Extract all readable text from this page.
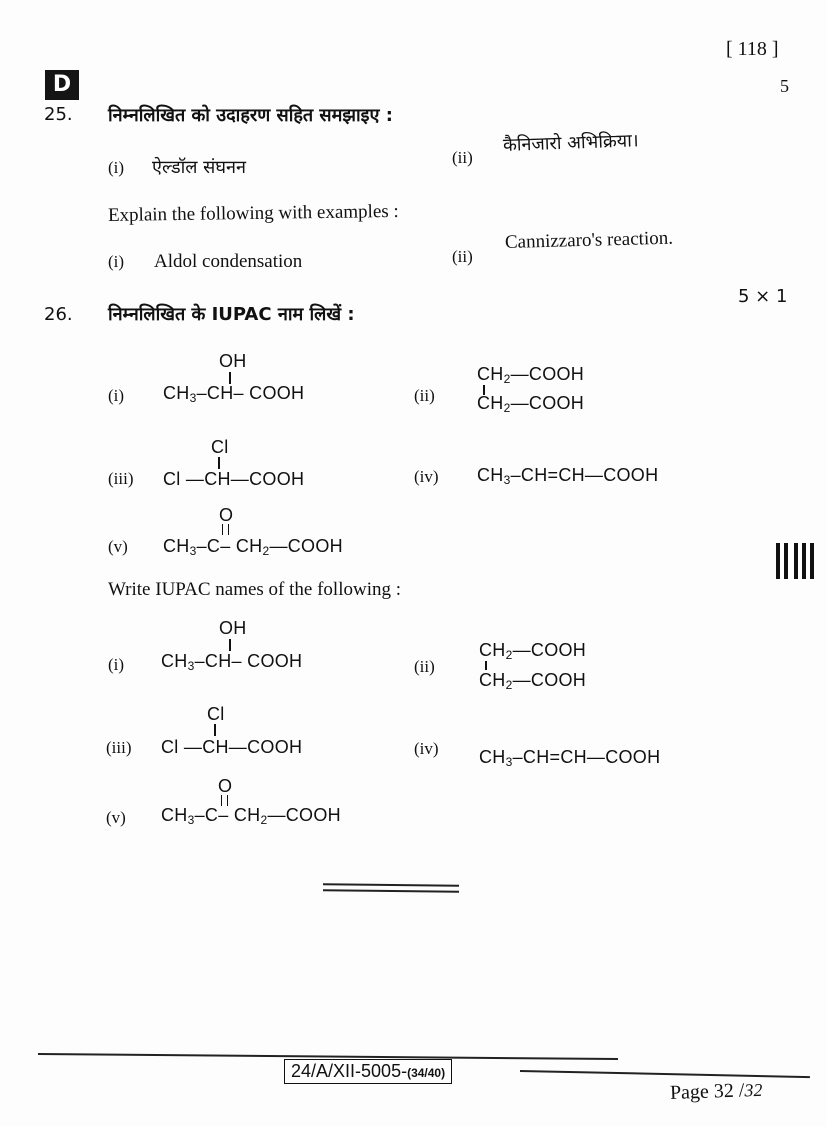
[ 118 ]
5
D
25. निम्नलिखित को उदाहरण सहित समझाइए :
(i) ऐल्डॉल संघनन	(ii)
कैनिजारो अभिक्रिया।
Explain the following with examples :
(i) Aldol condensation	(ii)
Cannizzaro's reaction.
5 × 1
26. निम्नलिखित के IUPAC नाम लिखें :
(i)
OH
$CH_3-CH-$ COOH	(ii)
$CH_2—COOH$
$CH_2—COOH$
(iii)
Cl
Cl —CH—COOH	(iv) $CH_3-CH=CH—COOH$
(v)
O
$CH_3-C-$ $CH_2—COOH$
Write IUPAC names of the following :
(i)
OH
$CH_3-CH-$ COOH	(ii)
$CH_2—COOH$
$CH_2—COOH$
(iii)
Cl
Cl —CH—COOH	(iv) $CH_3-CH=CH—COOH$
(v)
O
$CH_3-C-$ $CH_2—COOH$
24/A/XII-5005-(34/40)
Page 32 /32
